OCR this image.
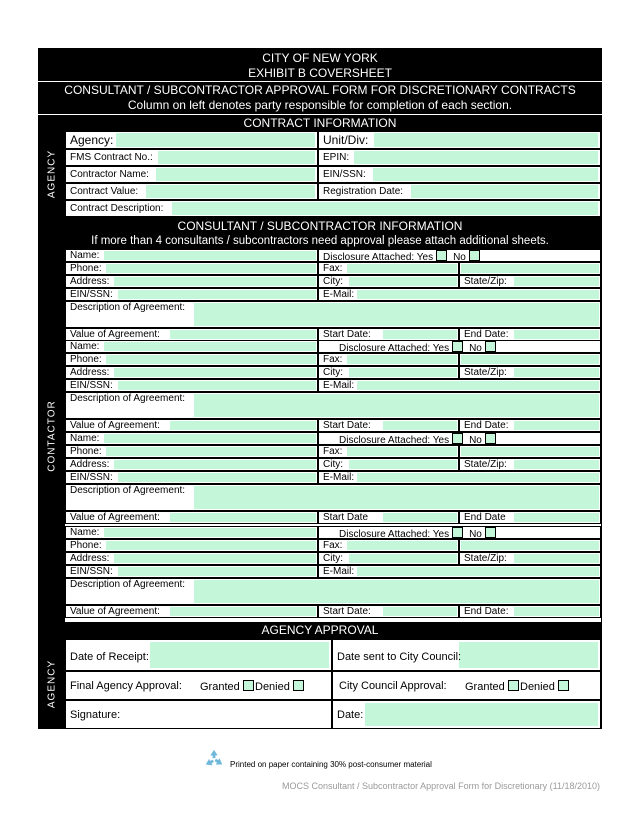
CITY OF NEW YORK
EXHIBIT B COVERSHEET
CONSULTANT / SUBCONTRACTOR APPROVAL FORM FOR DISCRETIONARY CONTRACTS
Column on left denotes party responsible for completion of each section.
CONTRACT INFORMATION
AGENCY
Agency:	Unit/Div:
FMS Contract No.:	EPIN:
Contractor Name:	EIN/SSN:
Contract Value:	Registration Date:
Contract Description:
CONSULTANT / SUBCONTRACTOR INFORMATION
If more than 4 consultants / subcontractors need approval please attach additional sheets.
CONTACTOR
Name:	Disclosure Attached: Yes No
Phone:	Fax:
Address:	City:	State/Zip:
EIN/SSN:	E-Mail:
Description of Agreement:
Value of Agreement:	Start Date:	End Date:
Name:	Disclosure Attached: Yes No
Phone:	Fax:
Address:	City:	State/Zip:
EIN/SSN:	E-Mail:
Description of Agreement:
Value of Agreement:	Start Date:	End Date:
Name:	Disclosure Attached: Yes No
Phone:	Fax:
Address:	City:	State/Zip:
EIN/SSN:	E-Mail:
Description of Agreement:
Value of Agreement:	Start Date	End Date
Name:	Disclosure Attached: Yes No
Phone:	Fax:
Address:	City:	State/Zip:
EIN/SSN:	E-Mail:
Description of Agreement:
Value of Agreement:	Start Date:	End Date:
AGENCY APPROVAL
AGENCY
Date of Receipt:	Date sent to City Council:
Final Agency Approval: Granted	Denied	City Council Approval: Granted	Denied
Signature:	Date:
Printed on paper containing 30% post-consumer material
MOCS Consultant / Subcontractor Approval Form for Discretionary (11/18/2010)
